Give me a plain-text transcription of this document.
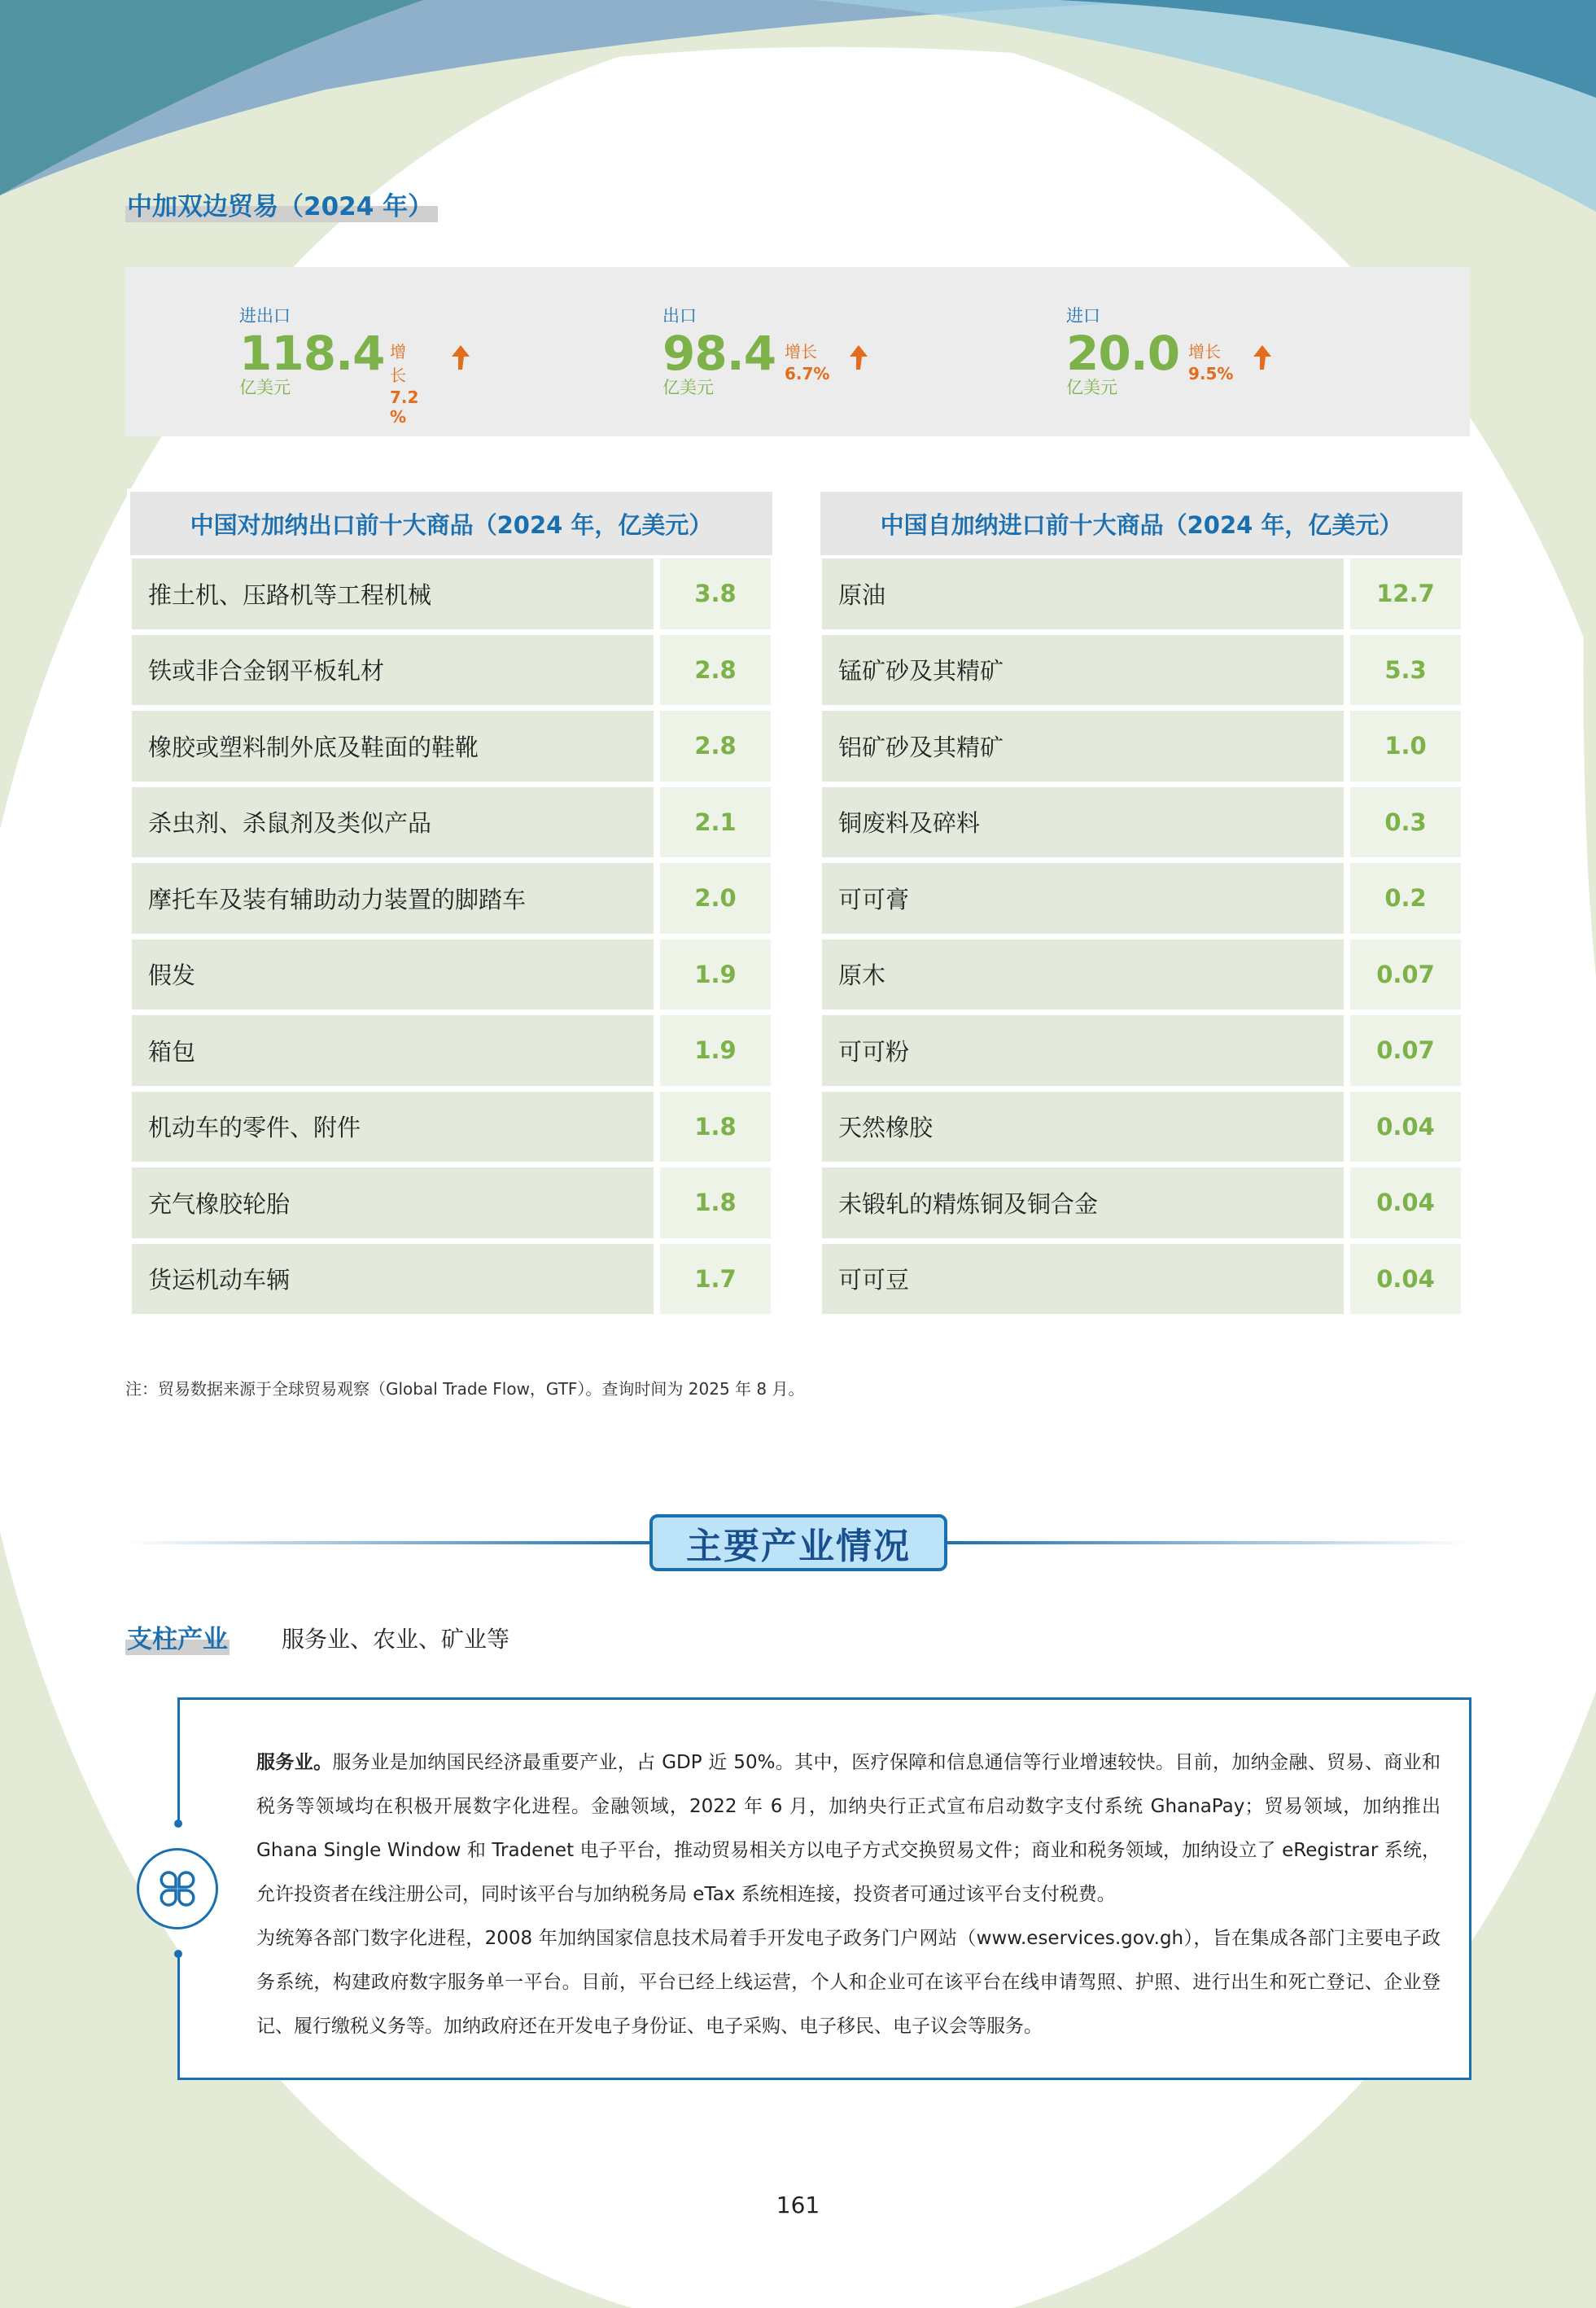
中加双边贸易（2024 年）
进出口
118.4
亿美元
增长
7.2 %
出口
98.4
亿美元
增长
6.7%
进口
20.0
亿美元
增长
9.5%
中国对加纳出口前十大商品（2024 年，亿美元）
推土机、压路机等工程机械	3.8
铁或非合金钢平板轧材	2.8
橡胶或塑料制外底及鞋面的鞋靴	2.8
杀虫剂、杀鼠剂及类似产品	2.1
摩托车及装有辅助动力装置的脚踏车	2.0
假发	1.9
箱包	1.9
机动车的零件、附件	1.8
充气橡胶轮胎	1.8
货运机动车辆	1.7
中国自加纳进口前十大商品（2024 年，亿美元）
原油	12.7
锰矿砂及其精矿	5.3
铝矿砂及其精矿	1.0
铜废料及碎料	0.3
可可膏	0.2
原木	0.07
可可粉	0.07
天然橡胶	0.04
未锻轧的精炼铜及铜合金	0.04
可可豆	0.04
注：贸易数据来源于全球贸易观察（Global Trade Flow，GTF）。查询时间为 2025 年 8 月。
主要产业情况
支柱产业 服务业、农业、矿业等

服务业。服务业是加纳国民经济最重要产业，占 GDP 近 50%。其中，医疗保障和信息通信等行业增速较快。目前，加纳金融、贸易、商业和税务等领域均在积极开展数字化进程。金融领域，2022 年 6 月，加纳央行正式宣布启动数字支付系统 GhanaPay；贸易领域，加纳推出 Ghana Single Window 和 Tradenet 电子平台，推动贸易相关方以电子方式交换贸易文件；商业和税务领域，加纳设立了 eRegistrar 系统，允许投资者在线注册公司，同时该平台与加纳税务局 eTax 系统相连接，投资者可通过该平台支付税费。

为统筹各部门数字化进程，2008 年加纳国家信息技术局着手开发电子政务门户网站（www.eservices.gov.gh），旨在集成各部门主要电子政务系统，构建政府数字服务单一平台。目前，平台已经上线运营，个人和企业可在该平台在线申请驾照、护照、进行出生和死亡登记、企业登记、履行缴税义务等。加纳政府还在开发电子身份证、电子采购、电子移民、电子议会等服务。

161
